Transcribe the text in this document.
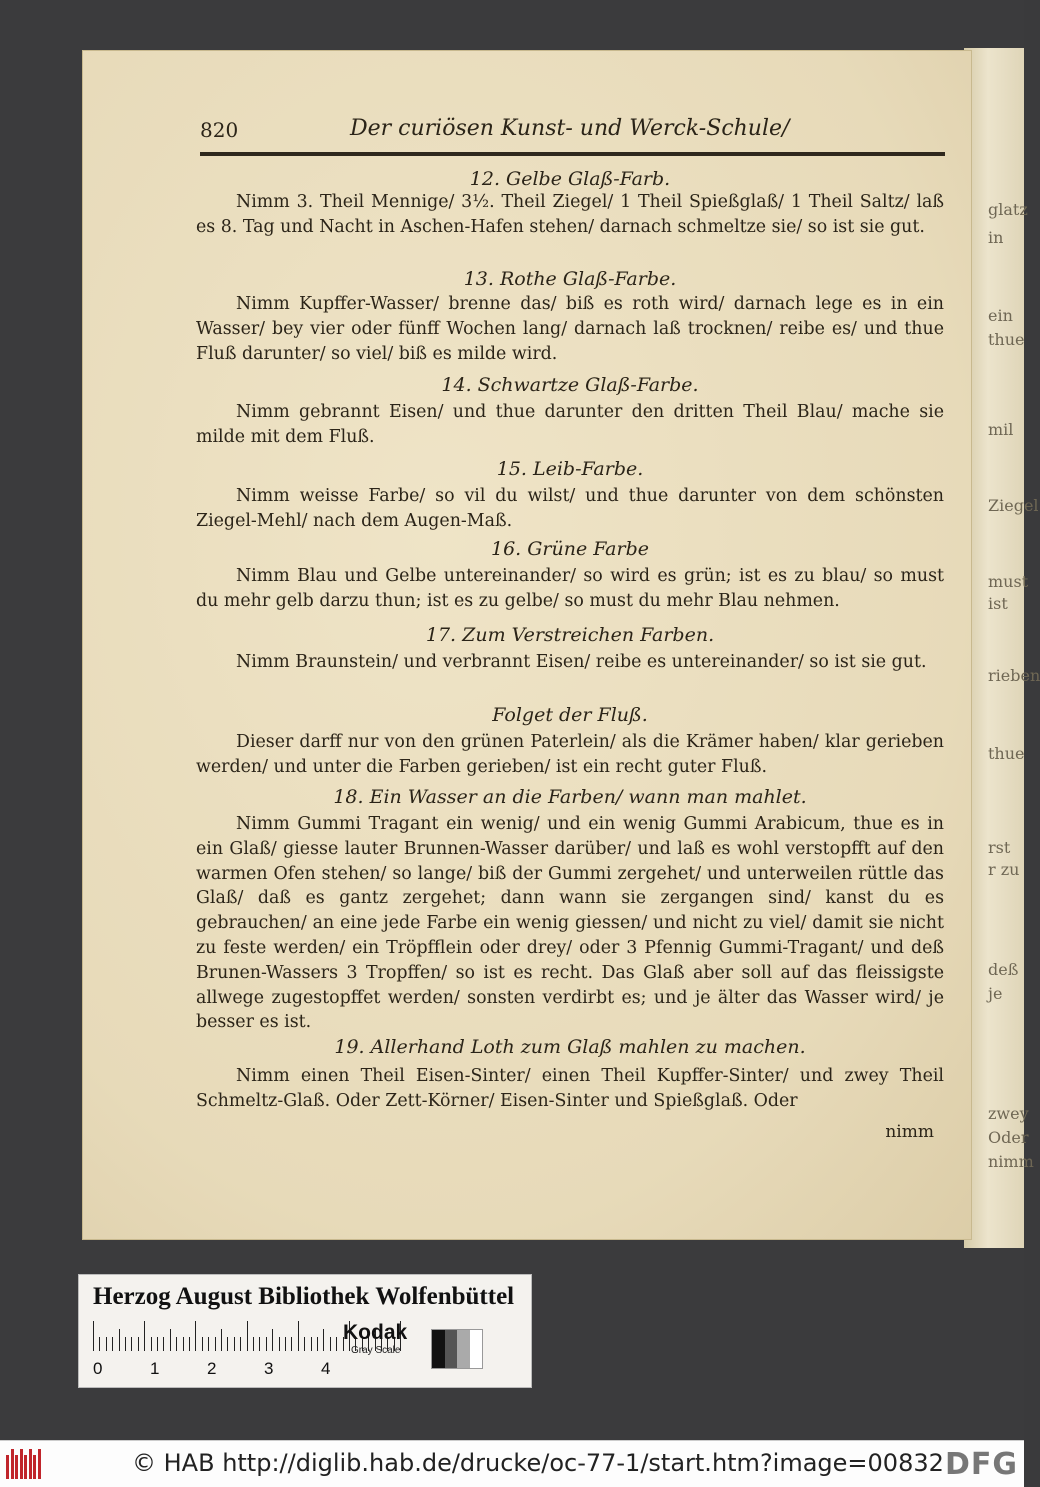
glatz
in
ein
thue
mil
Ziegel
must
ist
rieben
thue
rst
r zu
deß
je
zwey
Oder
nimm
820	Der curiösen Kunst- und Werck-Schule/
12. Gelbe Glaß-Farb.
Nimm 3. Theil Mennige/ 3½. Theil Ziegel/ 1 Theil Spießglaß/ 1 Theil Saltz/ laß es 8. Tag und Nacht in Aschen-Hafen stehen/ darnach schmeltze sie/ so ist sie gut.
13. Rothe Glaß-Farbe.
Nimm Kupffer-Wasser/ brenne das/ biß es roth wird/ darnach lege es in ein Wasser/ bey vier oder fünff Wochen lang/ darnach laß trocknen/ reibe es/ und thue Fluß darunter/ so viel/ biß es milde wird.
14. Schwartze Glaß-Farbe.
Nimm gebrannt Eisen/ und thue darunter den dritten Theil Blau/ mache sie milde mit dem Fluß.
15. Leib-Farbe.
Nimm weisse Farbe/ so vil du wilst/ und thue darunter von dem schönsten Ziegel-Mehl/ nach dem Augen-Maß.
16. Grüne Farbe
Nimm Blau und Gelbe untereinander/ so wird es grün; ist es zu blau/ so must du mehr gelb darzu thun; ist es zu gelbe/ so must du mehr Blau nehmen.
17. Zum Verstreichen Farben.
Nimm Braunstein/ und verbrannt Eisen/ reibe es untereinander/ so ist sie gut.
Folget der Fluß.
Dieser darff nur von den grünen Paterlein/ als die Krämer haben/ klar gerieben werden/ und unter die Farben gerieben/ ist ein recht guter Fluß.
18. Ein Wasser an die Farben/ wann man mahlet.
Nimm Gummi Tragant ein wenig/ und ein wenig Gummi Arabicum, thue es in ein Glaß/ giesse lauter Brunnen-Wasser darüber/ und laß es wohl verstopfft auf den warmen Ofen stehen/ so lange/ biß der Gummi zergehet/ und unterweilen rüttle das Glaß/ daß es gantz zergehet; dann wann sie zergangen sind/ kanst du es gebrauchen/ an eine jede Farbe ein wenig giessen/ und nicht zu viel/ damit sie nicht zu feste werden/ ein Tröpfflein oder drey/ oder 3 Pfennig Gummi-Tragant/ und deß Brunen-Wassers 3 Tropffen/ so ist es recht. Das Glaß aber soll auf das fleissigste allwege zugestopffet werden/ sonsten verdirbt es; und je älter das Wasser wird/ je besser es ist.
19. Allerhand Loth zum Glaß mahlen zu machen.
Nimm einen Theil Eisen-Sinter/ einen Theil Kupffer-Sinter/ und zwey Theil Schmeltz-Glaß. Oder Zett-Körner/ Eisen-Sinter und Spießglaß. Oder
nimm
Herzog August Bibliothek Wolfenbüttel
0	1	2	3	4
Kodak
Gray Scale
© HAB http://diglib.hab.de/drucke/oc-77-1/start.htm?image=00832 DFG
